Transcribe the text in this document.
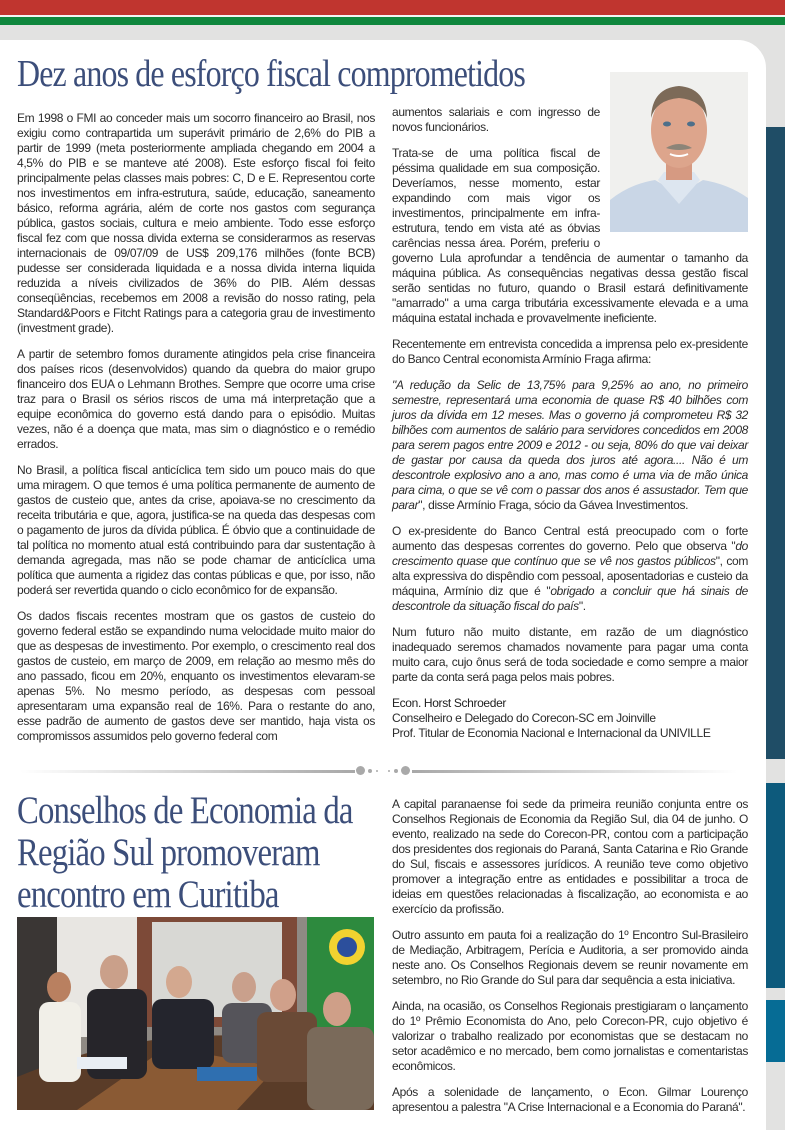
Dez anos de esforço fiscal comprometidos

Em 1998 o FMI ao conceder mais um socorro financeiro ao Brasil, nos exigiu como contrapartida um superávit primário de 2,6% do PIB a partir de 1999 (meta posteriormente ampliada chegando em 2004 a 4,5% do PIB e se manteve até 2008). Este esforço fiscal foi feito principalmente pelas classes mais pobres: C, D e E. Representou corte nos investimentos em infra-estrutura, saúde, educação, saneamento básico, reforma agrária, além de corte nos gastos com segurança pública, gastos sociais, cultura e meio ambiente. Todo esse esforço fiscal fez com que nossa divida externa se considerarmos as reservas internacionais de 09/07/09 de US$ 209,176 milhões (fonte BCB) pudesse ser considerada liquidada e a nossa divida interna liquida reduzida a níveis civilizados de 36% do PIB. Além dessas conseqüências, recebemos em 2008 a revisão do nosso rating, pela Standard&Poors e Fitcht Ratings para a categoria grau de investimento (investment grade).

A partir de setembro fomos duramente atingidos pela crise financeira dos países ricos (desenvolvidos) quando da quebra do maior grupo financeiro dos EUA o Lehmann Brothes. Sempre que ocorre uma crise traz para o Brasil os sérios riscos de uma má interpretação que a equipe econômica do governo está dando para o episódio. Muitas vezes, não é a doença que mata, mas sim o diagnóstico e o remédio errados.

No Brasil, a política fiscal anticíclica tem sido um pouco mais do que uma miragem. O que temos é uma política permanente de aumento de gastos de custeio que, antes da crise, apoiava-se no crescimento da receita tributária e que, agora, justifica-se na queda das despesas com o pagamento de juros da dívida pública. É óbvio que a continuidade de tal política no momento atual está contribuindo para dar sustentação à demanda agregada, mas não se pode chamar de anticíclica uma política que aumenta a rigidez das contas públicas e que, por isso, não poderá ser revertida quando o ciclo econômico for de expansão.

Os dados fiscais recentes mostram que os gastos de custeio do governo federal estão se expandindo numa velocidade muito maior do que as despesas de investimento. Por exemplo, o crescimento real dos gastos de custeio, em março de 2009, em relação ao mesmo mês do ano passado, ficou em 20%, enquanto os investimentos elevaram-se apenas 5%. No mesmo período, as despesas com pessoal apresentaram uma expansão real de 16%. Para o restante do ano, esse padrão de aumento de gastos deve ser mantido, haja vista os compromissos assumidos pelo governo federal com

aumentos salariais e com ingresso de novos funcionários.

Trata-se de uma política fiscal de péssima qualidade em sua composição. Deveríamos, nesse momento, estar expandindo com mais vigor os investimentos, principalmente em infra-estrutura, tendo em vista até as óbvias carências nessa área. Porém, preferiu o governo Lula aprofundar a tendência de aumentar o tamanho da máquina pública. As consequências negativas dessa gestão fiscal serão sentidas no futuro, quando o Brasil estará definitivamente "amarrado" a uma carga tributária excessivamente elevada e a uma máquina estatal inchada e provavelmente ineficiente.

Recentemente em entrevista concedida a imprensa pelo ex-presidente do Banco Central economista Armínio Fraga afirma:

"A redução da Selic de 13,75% para 9,25% ao ano, no primeiro semestre, representará uma economia de quase R$ 40 bilhões com juros da dívida em 12 meses. Mas o governo já comprometeu R$ 32 bilhões com aumentos de salário para servidores concedidos em 2008 para serem pagos entre 2009 e 2012 - ou seja, 80% do que vai deixar de gastar por causa da queda dos juros até agora.... Não é um descontrole explosivo ano a ano, mas como é uma via de mão única para cima, o que se vê com o passar dos anos é assustador. Tem que parar", disse Armínio Fraga, sócio da Gávea Investimentos.

O ex-presidente do Banco Central está preocupado com o forte aumento das despesas correntes do governo. Pelo que observa "do crescimento quase que contínuo que se vê nos gastos públicos", com alta expressiva do dispêndio com pessoal, aposentadorias e custeio da máquina, Armínio diz que é "obrigado a concluir que há sinais de descontrole da situação fiscal do país".

Num futuro não muito distante, em razão de um diagnóstico inadequado seremos chamados novamente para pagar uma conta muito cara, cujo ônus será de toda sociedade e como sempre a maior parte da conta será paga pelos mais pobres.

Econ. Horst Schroeder
Conselheiro e Delegado do Corecon-SC em Joinville
Prof. Titular de Economia Nacional e Internacional da UNIVILLE

Conselhos de Economia da Região Sul promoveram encontro em Curitiba

A capital paranaense foi sede da primeira reunião conjunta entre os Conselhos Regionais de Economia da Região Sul, dia 04 de junho. O evento, realizado na sede do Corecon-PR, contou com a participação dos presidentes dos regionais do Paraná, Santa Catarina e Rio Grande do Sul, fiscais e assessores jurídicos. A reunião teve como objetivo promover a integração entre as entidades e possibilitar a troca de ideias em questões relacionadas à fiscalização, ao economista e ao exercício da profissão.

Outro assunto em pauta foi a realização do 1º Encontro Sul-Brasileiro de Mediação, Arbitragem, Perícia e Auditoria, a ser promovido ainda neste ano. Os Conselhos Regionais devem se reunir novamente em setembro, no Rio Grande do Sul para dar sequência a esta iniciativa.

Ainda, na ocasião, os Conselhos Regionais prestigiaram o lançamento do 1º Prêmio Economista do Ano, pelo Corecon-PR, cujo objetivo é valorizar o trabalho realizado por economistas que se destacam no setor acadêmico e no mercado, bem como jornalistas e comentaristas econômicos.

Após a solenidade de lançamento, o Econ. Gilmar Lourenço apresentou a palestra "A Crise Internacional e a Economia do Paraná".
